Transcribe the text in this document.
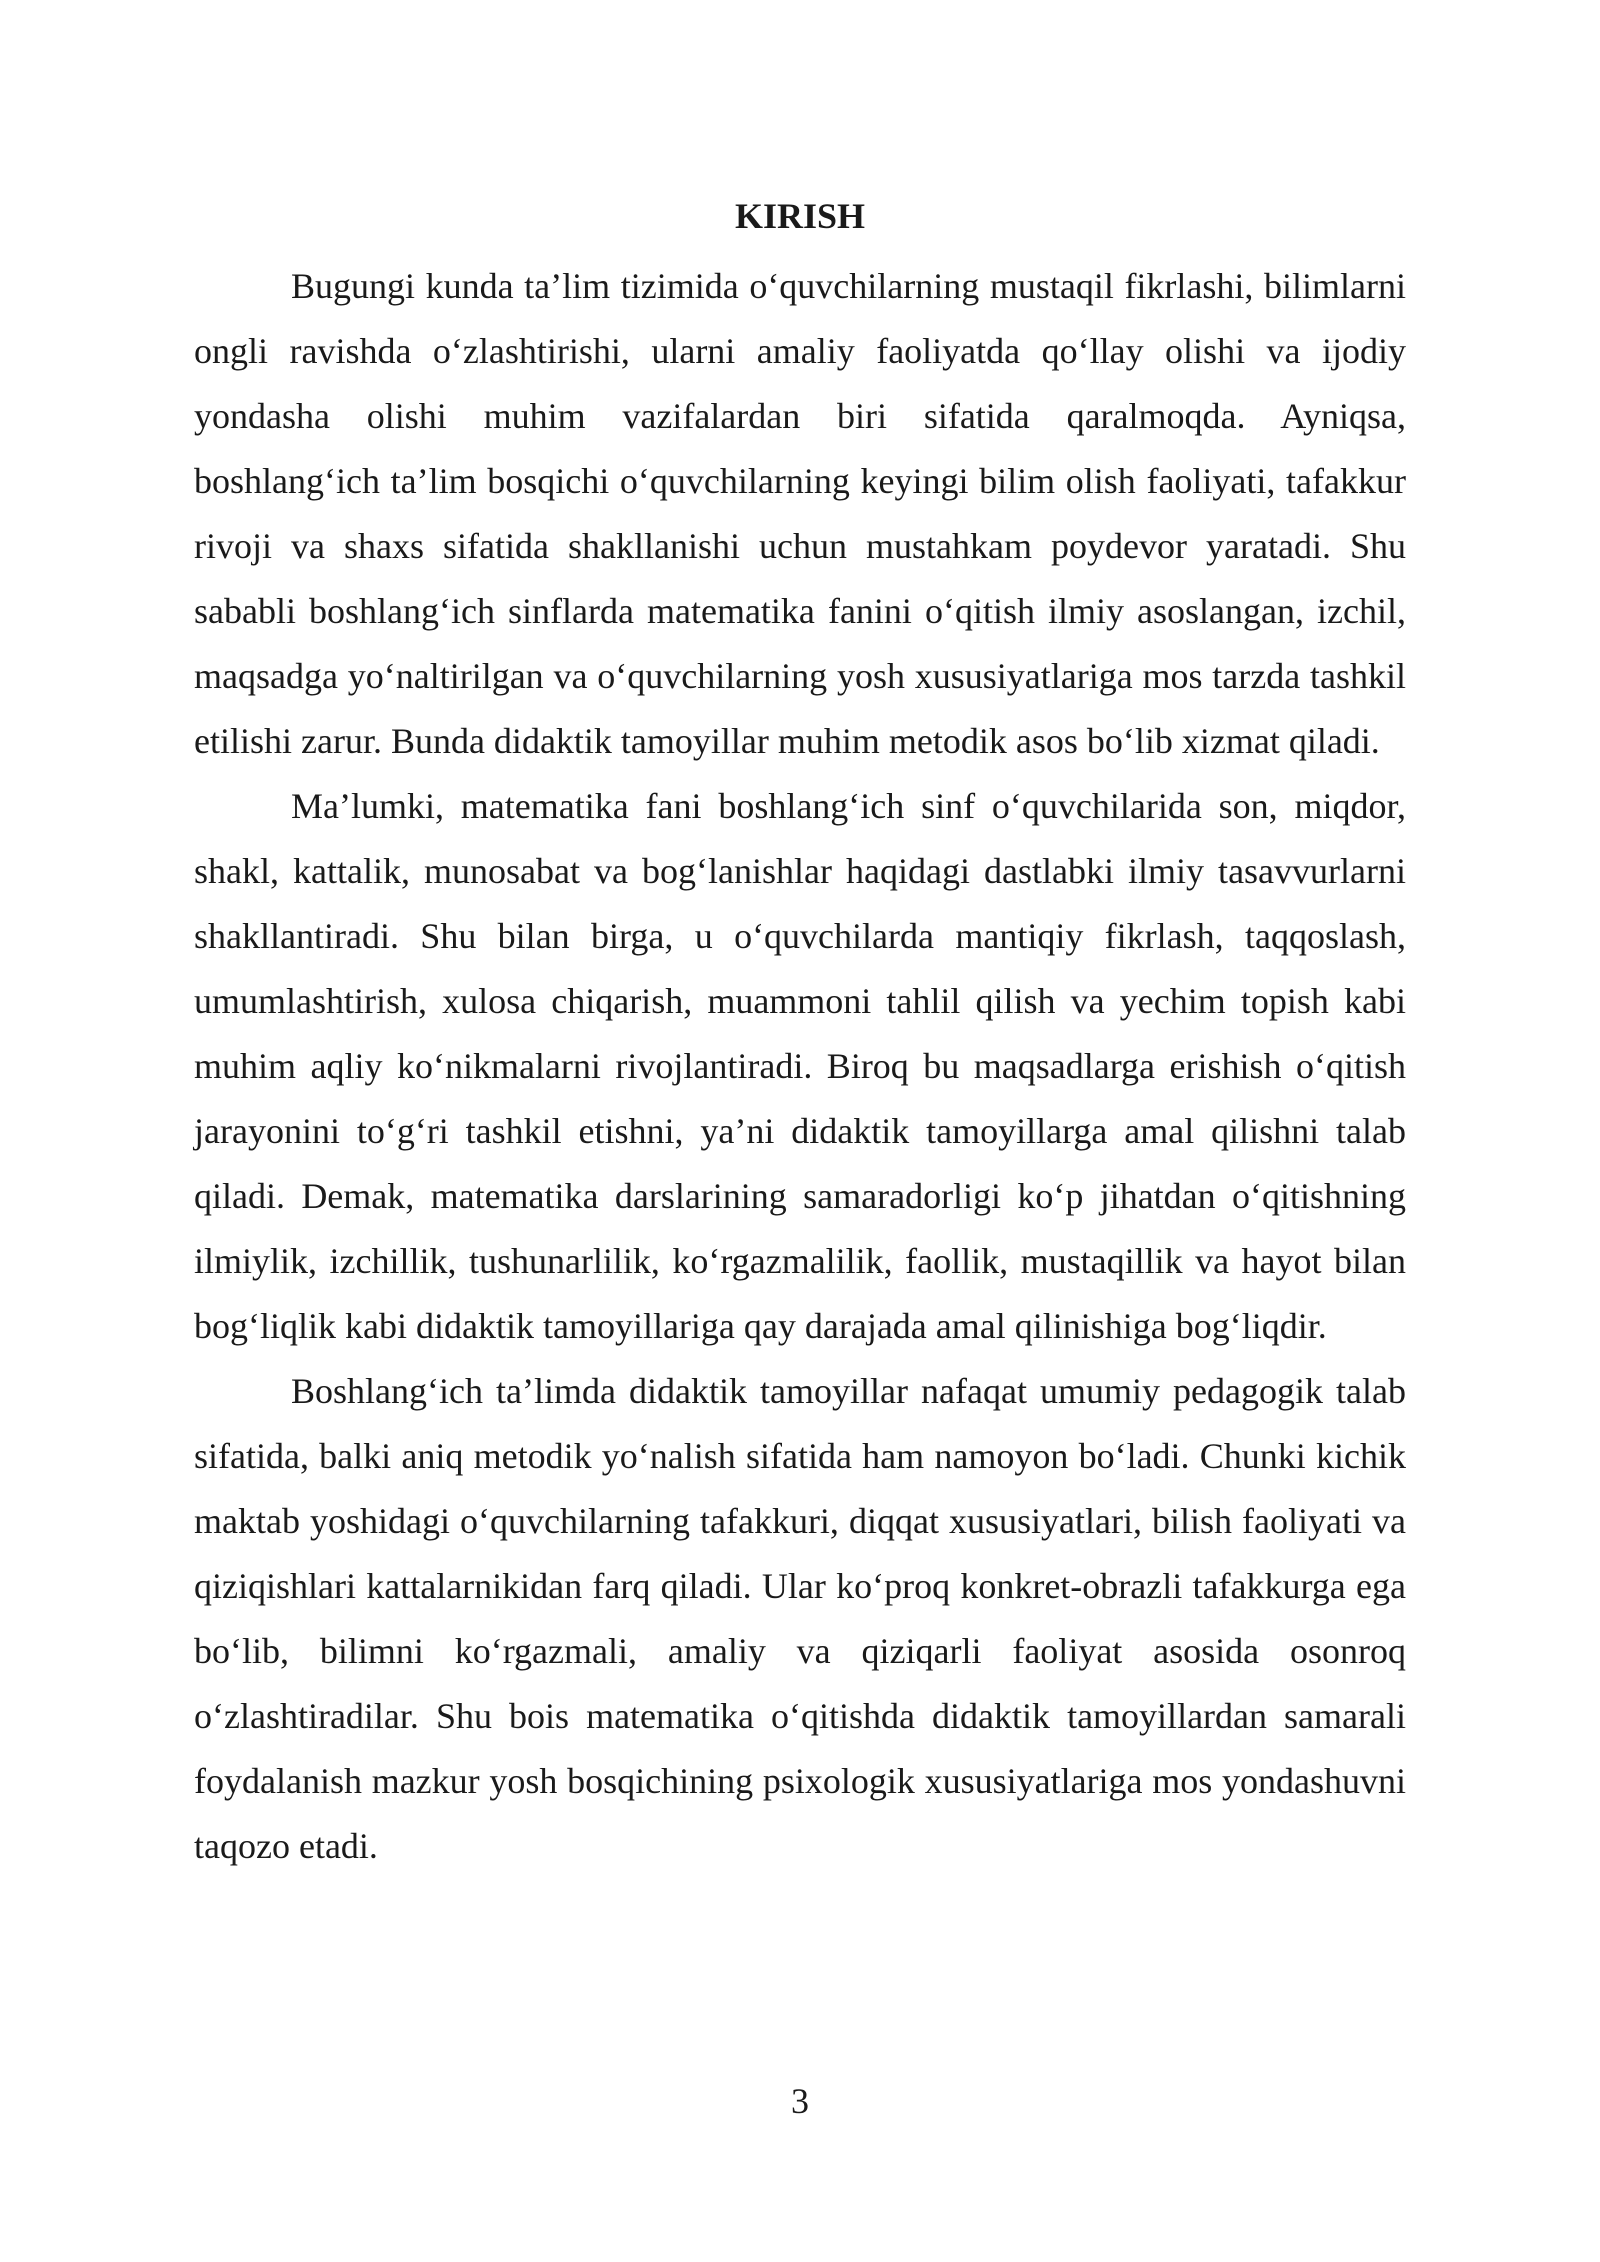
KIRISH

Bugungi kunda ta’lim tizimida o‘quvchilarning mustaqil fikrlashi, bilimlarni ongli ravishda o‘zlashtirishi, ularni amaliy faoliyatda qo‘llay olishi va ijodiy yondasha olishi muhim vazifalardan biri sifatida qaralmoqda. Ayniqsa, boshlang‘ich ta’lim bosqichi o‘quvchilarning keyingi bilim olish faoliyati, tafakkur rivoji va shaxs sifatida shakllanishi uchun mustahkam poydevor yaratadi. Shu sababli boshlang‘ich sinflarda matematika fanini o‘qitish ilmiy asoslangan, izchil, maqsadga yo‘naltirilgan va o‘quvchilarning yosh xususiyatlariga mos tarzda tashkil etilishi zarur. Bunda didaktik tamoyillar muhim metodik asos bo‘lib xizmat qiladi.

Ma’lumki, matematika fani boshlang‘ich sinf o‘quvchilarida son, miqdor, shakl, kattalik, munosabat va bog‘lanishlar haqidagi dastlabki ilmiy tasavvurlarni shakllantiradi. Shu bilan birga, u o‘quvchilarda mantiqiy fikrlash, taqqoslash, umumlashtirish, xulosa chiqarish, muammoni tahlil qilish va yechim topish kabi muhim aqliy ko‘nikmalarni rivojlantiradi. Biroq bu maqsadlarga erishish o‘qitish jarayonini to‘g‘ri tashkil etishni, ya’ni didaktik tamoyillarga amal qilishni talab qiladi. Demak, matematika darslarining samaradorligi ko‘p jihatdan o‘qitishning ilmiylik, izchillik, tushunarlilik, ko‘rgazmalilik, faollik, mustaqillik va hayot bilan bog‘liqlik kabi didaktik tamoyillariga qay darajada amal qilinishiga bog‘liqdir.

Boshlang‘ich ta’limda didaktik tamoyillar nafaqat umumiy pedagogik talab sifatida, balki aniq metodik yo‘nalish sifatida ham namoyon bo‘ladi. Chunki kichik maktab yoshidagi o‘quvchilarning tafakkuri, diqqat xususiyatlari, bilish faoliyati va qiziqishlari kattalarnikidan farq qiladi. Ular ko‘proq konkret-obrazli tafakkurga ega bo‘lib, bilimni ko‘rgazmali, amaliy va qiziqarli faoliyat asosida osonroq o‘zlashtiradilar. Shu bois matematika o‘qitishda didaktik tamoyillardan samarali foydalanish mazkur yosh bosqichining psixologik xususiyatlariga mos yondashuvni taqozo etadi.

3
